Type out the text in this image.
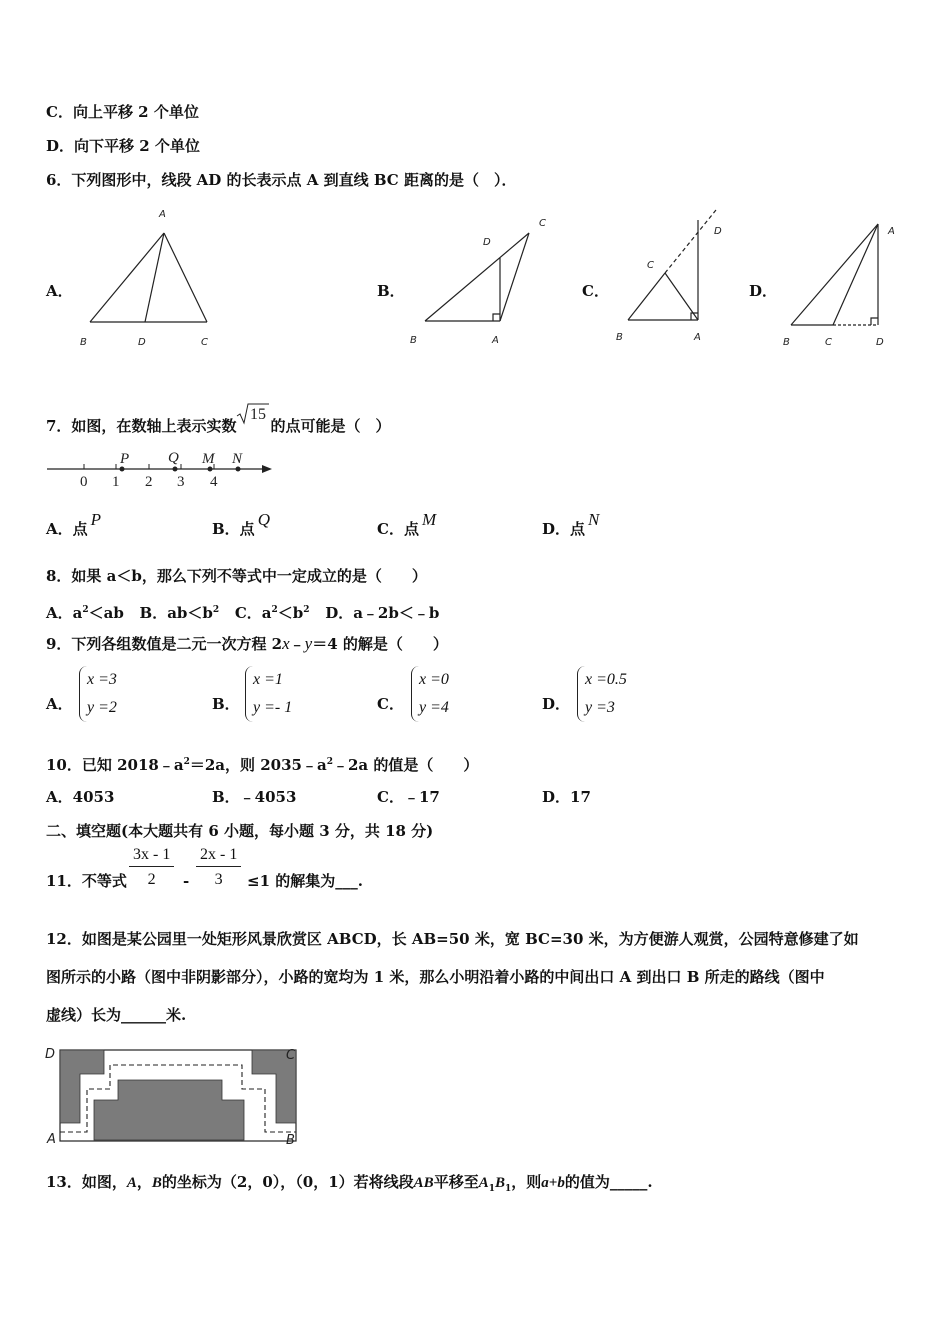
C．向上平移 2 个单位
D．向下平移 2 个单位
6．下列图形中，线段 AD 的长表示点 A 到直线 BC 距离的是（　）．
A．
A
B	D	C
B．
D
C
B	A
C．
C
D
B	A
D．
A
B	C	D
7．如图，在数轴上表示实数
15
的点可能是（　）
0 1 2 3 4
P	Q M N
A．点 P	B．点 Q	C．点 M	D．点 N
8．如果 a＜b，那么下列不等式中一定成立的是（　　）
A．$a^2<ab$ B．$ab<b^2$ C．$a^2<b^2$ D．a﹣2b＜﹣b
9．下列各组数值是二元一次方程 2x﹣y＝4 的解是（　　）
A．
x =3
y =2	B．
x =1
y =- 1	C．
x =0
y =4	D．
x =0.5
y =3
10．已知 $2018﹣a^2=2a$，则 $2035﹣a^2﹣2a$ 的值是（　　）
A．4053	B．﹣4053	C．﹣17	D．17
二、填空题(本大题共有 6 小题，每小题 3 分，共 18 分)
11．不等式 $\frac{3x - 1}{2} - \frac{2x - 1}{3} \le 1$ 的解集为___.
12．如图是某公园里一处矩形风景欣赏区 ABCD，长 AB=50 米，宽 BC=30 米，为方便游人观赏，公园特意修建了如
图所示的小路（图中非阴影部分），小路的宽均为 1 米，那么小明沿着小路的中间出口 A 到出口 B 所走的路线（图中
虚线）长为______米.
D	C
A	B
13．如图，A，B的坐标为（2，0），（0，1）若将线段AB平移至$A_1B_1$，则a+b的值为_____.
